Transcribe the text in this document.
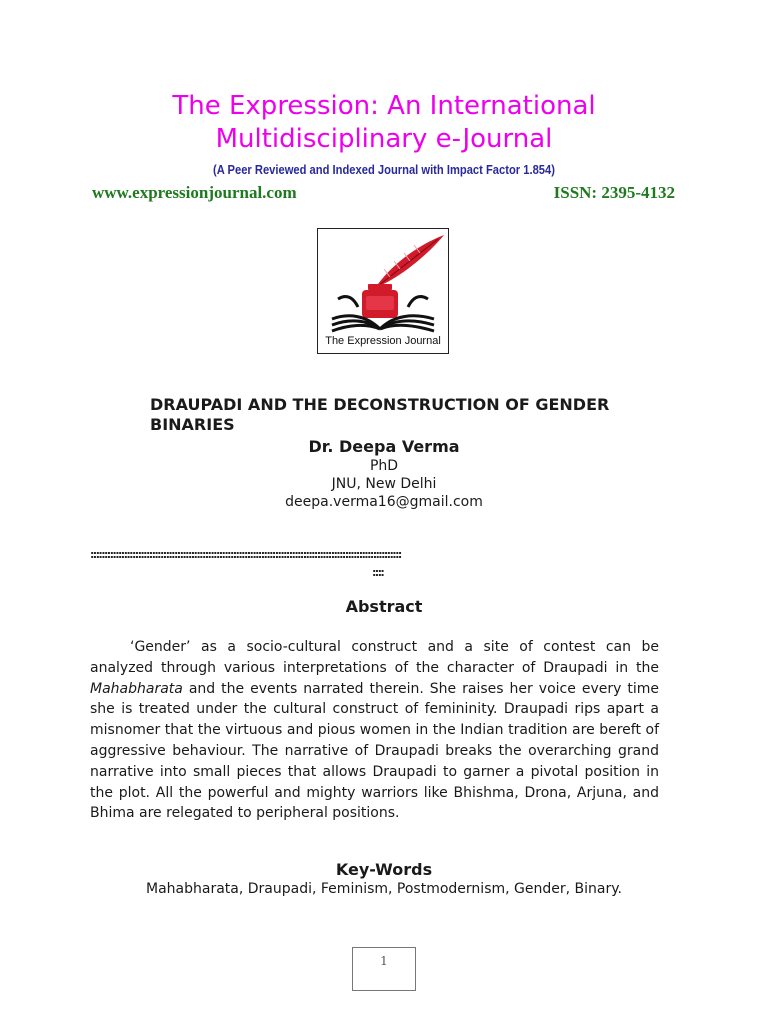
The Expression: An International
Multidisciplinary e-Journal
(A Peer Reviewed and Indexed Journal with Impact Factor 1.854)
www.expressionjournal.com	ISSN: 2395-4132
The Expression Journal
DRAUPADI AND THE DECONSTRUCTION OF GENDER BINARIES
Dr. Deepa Verma
PhD
JNU, New Delhi
deepa.verma16@gmail.com
:::::::::::::::::::::::::::::::::::::::::::::::::::::::::::::::::::::::::::::::::::::::::::::::::::::::::::::::
::::
Abstract
‘Gender’ as a socio-cultural construct and a site of contest can be analyzed through various interpretations of the character of Draupadi in the Mahabharata and the events narrated therein. She raises her voice every time she is treated under the cultural construct of femininity. Draupadi rips apart a misnomer that the virtuous and pious women in the Indian tradition are bereft of aggressive behaviour. The narrative of Draupadi breaks the overarching grand narrative into small pieces that allows Draupadi to garner a pivotal position in the plot. All the powerful and mighty warriors like Bhishma, Drona, Arjuna, and Bhima are relegated to peripheral positions.
Key-Words
Mahabharata, Draupadi, Feminism, Postmodernism, Gender, Binary.
1
